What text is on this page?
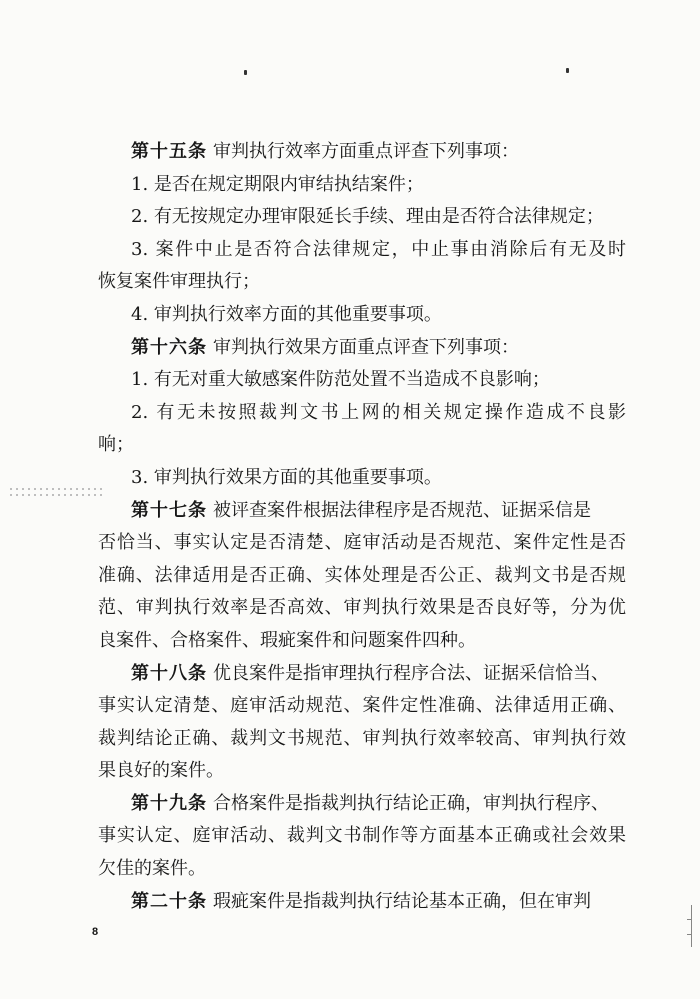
第十五条 审判执行效率方面重点评查下列事项：
1. 是否在规定期限内审结执结案件；
2. 有无按规定办理审限延长手续、理由是否符合法律规定；
3. 案件中止是否符合法律规定，中止事由消除后有无及时
恢复案件审理执行；
4. 审判执行效率方面的其他重要事项。
第十六条 审判执行效果方面重点评查下列事项：
1. 有无对重大敏感案件防范处置不当造成不良影响；
2. 有无未按照裁判文书上网的相关规定操作造成不良影
响；
3. 审判执行效果方面的其他重要事项。
第十七条 被评查案件根据法律程序是否规范、证据采信是
否恰当、事实认定是否清楚、庭审活动是否规范、案件定性是否
准确、法律适用是否正确、实体处理是否公正、裁判文书是否规
范、审判执行效率是否高效、审判执行效果是否良好等，分为优
良案件、合格案件、瑕疵案件和问题案件四种。
第十八条 优良案件是指审理执行程序合法、证据采信恰当、
事实认定清楚、庭审活动规范、案件定性准确、法律适用正确、
裁判结论正确、裁判文书规范、审判执行效率较高、审判执行效
果良好的案件。
第十九条 合格案件是指裁判执行结论正确，审判执行程序、
事实认定、庭审活动、裁判文书制作等方面基本正确或社会效果
欠佳的案件。
第二十条 瑕疵案件是指裁判执行结论基本正确，但在审判
8
